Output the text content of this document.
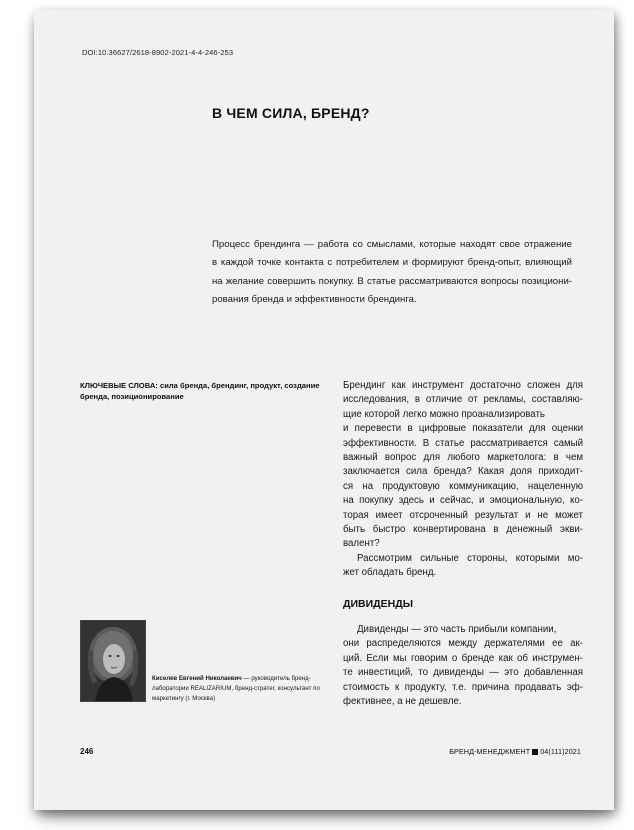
DOI:10.36627/2618-8902-2021-4-4-246-253
В ЧЕМ СИЛА, БРЕНД?
Процесс брендинга — работа со смыслами, которые находят свое отражение
в каждой точке контакта с потребителем и формируют бренд-опыт, влияющий
на желание совершить покупку. В статье рассматриваются вопросы позициони-
рования бренда и эффективности брендинга.
КЛЮЧЕВЫЕ СЛОВА: сила бренда, брендинг, продукт, создание бренда, позиционирование
Брендинг как инструмент достаточно сложен для
исследования, в отличие от рекламы, составляю-
щие которой легко можно проанализировать
и перевести в цифровые показатели для оценки
эффективности. В статье рассматривается самый
важный вопрос для любого маркетолога: в чем
заключается сила бренда? Какая доля приходит-
ся на продуктовую коммуникацию, нацеленную
на покупку здесь и сейчас, и эмоциональную, ко-
торая имеет отсроченный результат и не может
быть быстро конвертирована в денежный экви-
валент?
Рассмотрим сильные стороны, которыми мо-
жет обладать бренд.
ДИВИДЕНДЫ
Дивиденды — это часть прибыли компании,
они распределяются между держателями ее ак-
ций. Если мы говорим о бренде как об инструмен-
те инвестиций, то дивиденды — это добавленная
стоимость к продукту, т.е. причина продавать эф-
фективнее, а не дешевле.
Киселев Евгений Николаевич — руководитель бренд-
лаборатории REALIZARIUM, бренд-стратег, консультант по
маркетингу (г. Москва)
246	БРЕНД-МЕНЕДЖМЕНТ 04(111)2021
